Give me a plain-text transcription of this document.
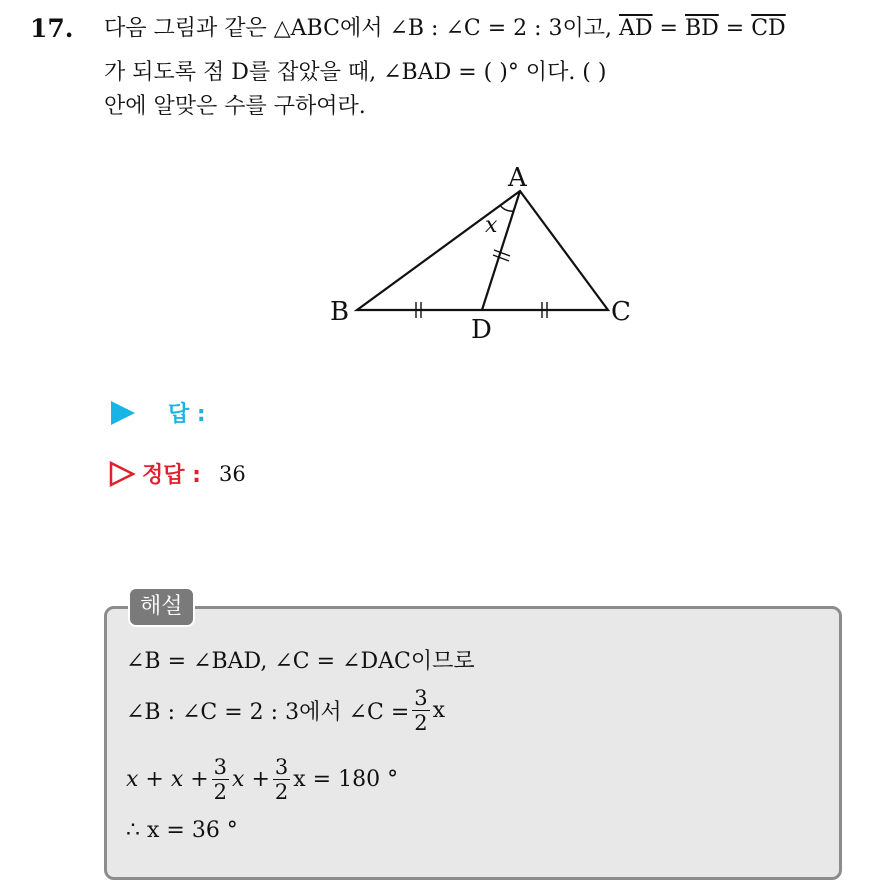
17. 다음 그림과 같은 △ABC에서 ∠B : ∠C = 2 : 3이고, $\overline{AD} = \overline{BD} = \overline{CD}$
가 되도록 점 D를 잡았을 때, ∠BAD = ( )° 이다. ( )
안에 알맞은 수를 구하여라.
A
B	C
D
x
답 :
정답 : 36
해설
∠B = ∠BAD, ∠C = ∠DAC이므로
∠B : ∠C = 2 : 3에서 ∠C = $\frac{3}{2}$ x
$x + x + \frac{3}{2}$ $x + \frac{3}{2}$ x = 180 °
∴ x = 36 °
